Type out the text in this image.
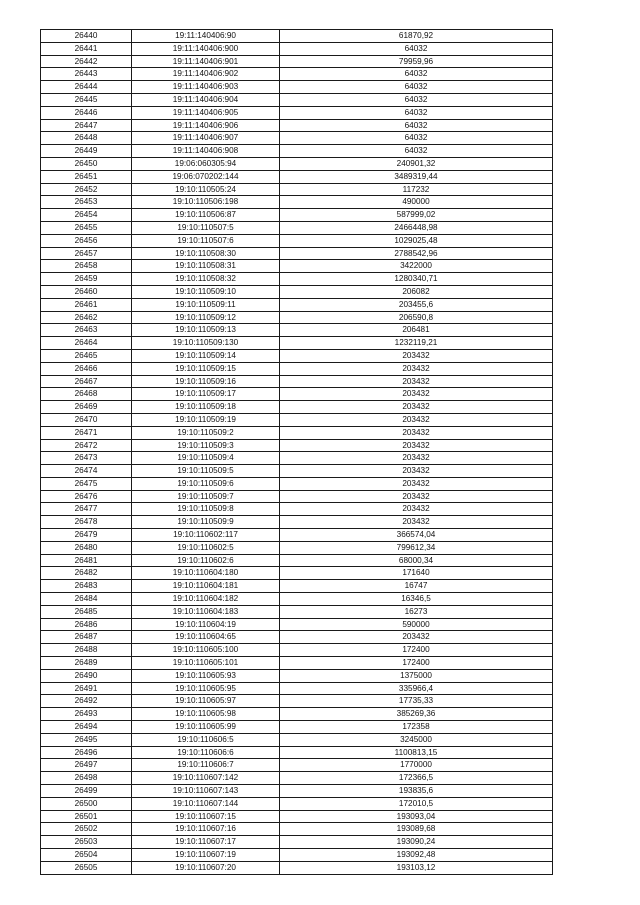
26440	19:11:140406:90	61870,92
26441	19:11:140406:900	64032
26442	19:11:140406:901	79959,96
26443	19:11:140406:902	64032
26444	19:11:140406:903	64032
26445	19:11:140406:904	64032
26446	19:11:140406:905	64032
26447	19:11:140406:906	64032
26448	19:11:140406:907	64032
26449	19:11:140406:908	64032
26450	19:06:060305:94	240901,32
26451	19:06:070202:144	3489319,44
26452	19:10:110505:24	117232
26453	19:10:110506:198	490000
26454	19:10:110506:87	587999,02
26455	19:10:110507:5	2466448,98
26456	19:10:110507:6	1029025,48
26457	19:10:110508:30	2788542,96
26458	19:10:110508:31	3422000
26459	19:10:110508:32	1280340,71
26460	19:10:110509:10	206082
26461	19:10:110509:11	203455,6
26462	19:10:110509:12	206590,8
26463	19:10:110509:13	206481
26464	19:10:110509:130	1232119,21
26465	19:10:110509:14	203432
26466	19:10:110509:15	203432
26467	19:10:110509:16	203432
26468	19:10:110509:17	203432
26469	19:10:110509:18	203432
26470	19:10:110509:19	203432
26471	19:10:110509:2	203432
26472	19:10:110509:3	203432
26473	19:10:110509:4	203432
26474	19:10:110509:5	203432
26475	19:10:110509:6	203432
26476	19:10:110509:7	203432
26477	19:10:110509:8	203432
26478	19:10:110509:9	203432
26479	19:10:110602:117	366574,04
26480	19:10:110602:5	799612,34
26481	19:10:110602:6	68000,34
26482	19:10:110604:180	171640
26483	19:10:110604:181	16747
26484	19:10:110604:182	16346,5
26485	19:10:110604:183	16273
26486	19:10:110604:19	590000
26487	19:10:110604:65	203432
26488	19:10:110605:100	172400
26489	19:10:110605:101	172400
26490	19:10:110605:93	1375000
26491	19:10:110605:95	335966,4
26492	19:10:110605:97	17735,33
26493	19:10:110605:98	385269,36
26494	19:10:110605:99	172358
26495	19:10:110606:5	3245000
26496	19:10:110606:6	1100813,15
26497	19:10:110606:7	1770000
26498	19:10:110607:142	172366,5
26499	19:10:110607:143	193835,6
26500	19:10:110607:144	172010,5
26501	19:10:110607:15	193093,04
26502	19:10:110607:16	193089,68
26503	19:10:110607:17	193090,24
26504	19:10:110607:19	193092,48
26505	19:10:110607:20	193103,12
